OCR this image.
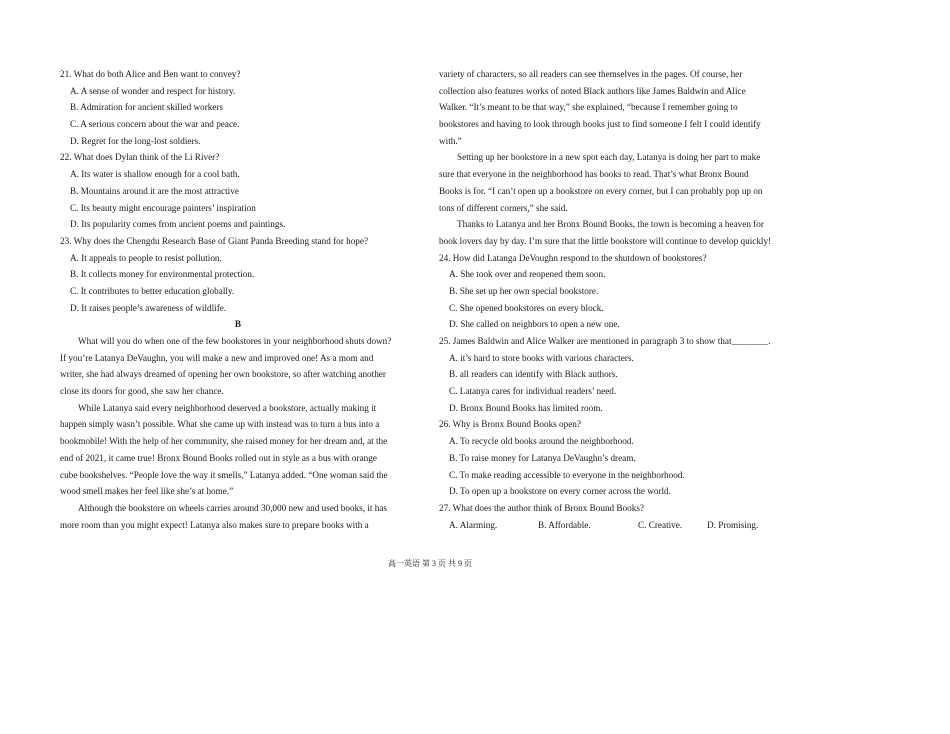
21. What do both Alice and Ben want to convey?
A. A sense of wonder and respect for history.
B. Admiration for ancient skilled workers
C. A serious concern about the war and peace.
D. Regret for the long-lost soldiers.
22. What does Dylan think of the Li River?
A. Its water is shallow enough for a cool bath.
B. Mountains around it are the most attractive
C. Its beauty might encourage painters’ inspiration
D. Its popularity comes from ancient poems and paintings.
23. Why does the Chengdu Research Base of Giant Panda Breeding stand for hope?
A. It appeals to people to resist pollution.
B. It collects money for environmental protection.
C. It contributes to better education globally.
D. It raises people’s awareness of wildlife.
B
What will you do when one of the few bookstores in your neighborhood shuts down?
If you’re Latanya DeVaughn, you will make a new and improved one! As a mom and
writer, she had always dreamed of opening her own bookstore, so after watching another
close its doors for good, she saw her chance.
While Latanya said every neighborhood deserved a bookstore, actually making it
happen simply wasn’t possible. What she came up with instead was to turn a bus into a
bookmobile! With the help of her community, she raised money for her dream and, at the
end of 2021, it came true! Bronx Bound Books rolled out in style as a bus with orange
cube bookshelves. “People love the way it smells,” Latanya added. “One woman said the
wood smell makes her feel like she’s at home.”
Although the bookstore on wheels carries around 30,000 new and used books, it has
more room than you might expect! Latanya also makes sure to prepare books with a
variety of characters, so all readers can see themselves in the pages. Of course, her
collection also features works of noted Black authors like James Baldwin and Alice
Walker. “It’s meant to be that way,” she explained, “because I remember going to
bookstores and having to look through books just to find someone I felt I could identify
with.”
Setting up her bookstore in a new spot each day, Latanya is doing her part to make
sure that everyone in the neighborhood has books to read. That’s what Bronx Bound
Books is for. “I can’t open up a bookstore on every corner, but I can probably pop up on
tons of different corners,” she said.
Thanks to Latanya and her Bronx Bound Books, the town is becoming a heaven for
book lovers day by day. I’m sure that the little bookstore will continue to develop quickly!
24. How did Latanga DeVoughn respond to the shutdown of bookstores?
A. She took over and reopened them soon.
B. She set up her own special bookstore.
C. She opened bookstores on every block.
D. She called on neighbors to open a new one.
25. James Baldwin and Alice Walker are mentioned in paragraph 3 to show that________.
A. it’s hard to store books with various characters.
B. all readers can identify with Black authors.
C. Latanya cares for individual readers’ need.
D. Bronx Bound Books has limited room.
26. Why is Bronx Bound Books open?
A. To recycle old books around the neighborhood.
B. To raise money for Latanya DeVaughn’s dream.
C. To make reading accessible to everyone in the neighborhood.
D. To open up a bookstore on every corner across the world.
27. What does the author think of Bronx Bound Books?
A. Alarming.	B. Affordable.	C. Creative.	D. Promising.
高一英语 第 3 页 共 9 页
